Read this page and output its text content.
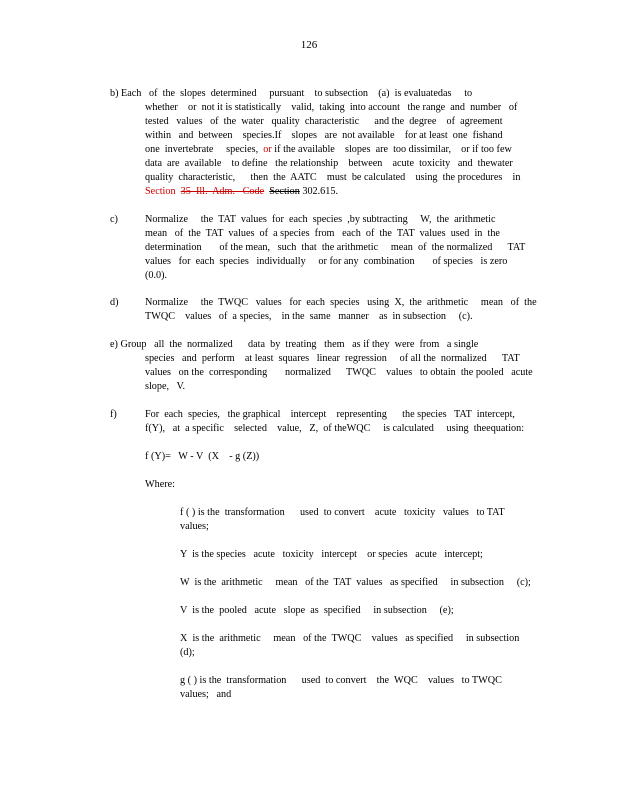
126
b) Each   of  the  slopes  determined     pursuant    to subsection    (a)  is evaluatedas     to
whether    or  not it is statistically    valid,  taking  into account   the range  and  number   of
tested   values   of  the  water   quality  characteristic      and the  degree    of  agreement
within   and  between    species.If    slopes   are  not available    for at least  one  fishand
one  invertebrate     species,  or if the available    slopes  are  too dissimilar,    or if too few
data  are  available    to define   the relationship    between    acute  toxicity   and  thewater
quality  characteristic,      then  the  AATC    must  be calculated    using  the procedures    in
Section 35  Ill.  Adm.   Code Section 302.615.
c)	Normalize     the  TAT  values  for  each  species  ,by subtracting     W,  the  arithmetic
mean   of  the  TAT  values  of  a species  from   each  of  the  TAT  values  used  in  the
determination       of the mean,   such  that  the arithmetic     mean  of  the normalized      TAT
values   for  each  species   individually     or for any  combination       of species   is zero
(0.0).
d)	Normalize     the  TWQC   values   for  each  species   using  X,  the  arithmetic     mean   of  the
TWQC    values   of  a species,    in the  same   manner    as  in subsection     (c).
e) Group   all  the  normalized      data  by  treating   them   as if they  were  from   a single
species   and  perform    at least  squares   linear  regression     of all the  normalized      TAT
values   on the  corresponding       normalized      TWQC    values   to obtain  the pooled   acute
slope,   V.
f)	For  each  species,   the graphical    intercept    representing      the species   TAT  intercept,
f(Y),   at  a specific    selected    value,   Z,  of theWQC     is calculated     using  theequation:
f (Y)=   W - V  (X    - g (Z))
Where:
f ( ) is the  transformation      used  to convert    acute   toxicity   values   to TAT
values;
Y  is the species   acute   toxicity   intercept    or species   acute   intercept;
W  is the  arithmetic     mean   of the  TAT  values   as specified     in subsection     (c);
V  is the  pooled   acute   slope  as  specified     in subsection     (e);
X  is the  arithmetic     mean   of the  TWQC    values   as specified     in subsection
(d);
g ( ) is the  transformation      used  to convert    the  WQC    values   to TWQC
values;   and
